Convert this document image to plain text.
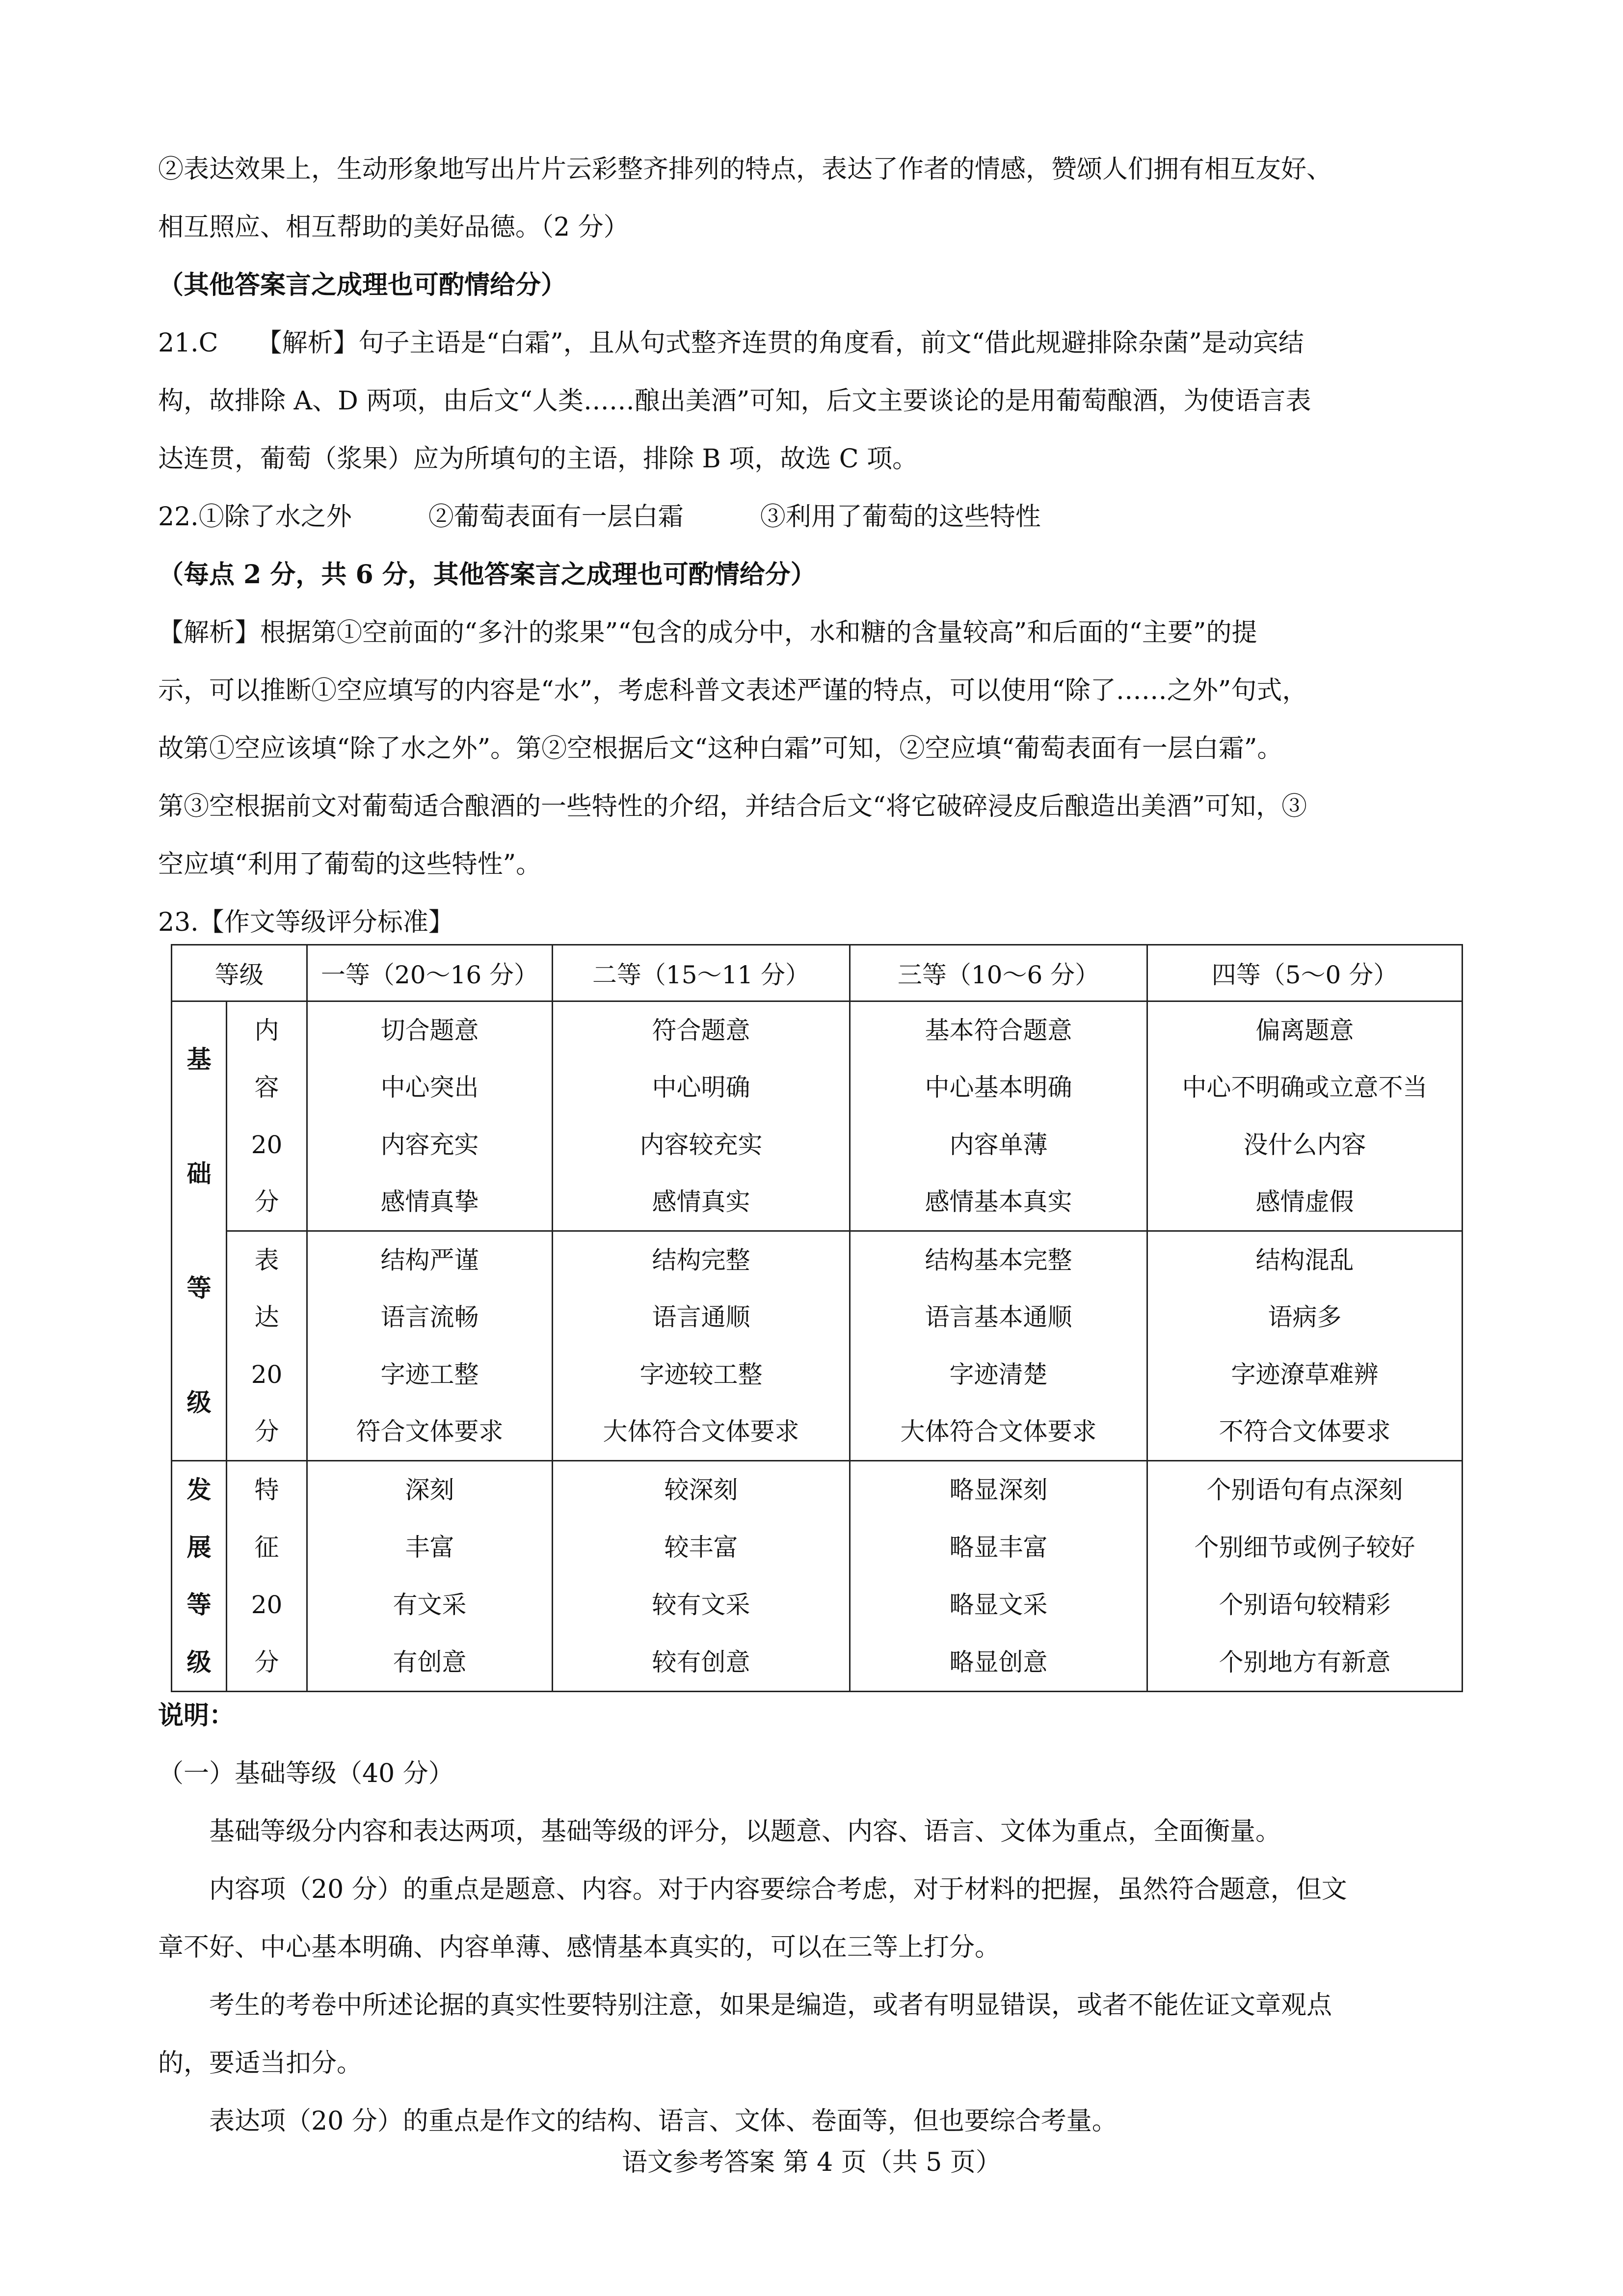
②表达效果上，生动形象地写出片片云彩整齐排列的特点，表达了作者的情感，赞颂人们拥有相互友好、

相互照应、相互帮助的美好品德。（2 分）

（其他答案言之成理也可酌情给分）

21.C　　【解析】句子主语是“白霜”，且从句式整齐连贯的角度看，前文“借此规避排除杂菌”是动宾结

构，故排除 A、D 两项，由后文“人类……酿出美酒”可知，后文主要谈论的是用葡萄酿酒，为使语言表

达连贯，葡萄（浆果）应为所填句的主语，排除 B 项，故选 C 项。

22.①除了水之外　　　②葡萄表面有一层白霜　　　③利用了葡萄的这些特性

（每点 2 分，共 6 分，其他答案言之成理也可酌情给分）

【解析】根据第①空前面的“多汁的浆果”“包含的成分中，水和糖的含量较高”和后面的“主要”的提

示，可以推断①空应填写的内容是“水”，考虑科普文表述严谨的特点，可以使用“除了……之外”句式，

故第①空应该填“除了水之外”。第②空根据后文“这种白霜”可知，②空应填“葡萄表面有一层白霜”。

第③空根据前文对葡萄适合酿酒的一些特性的介绍，并结合后文“将它破碎浸皮后酿造出美酒”可知，③

空应填“利用了葡萄的这些特性”。

23.【作文等级评分标准】

等级		一等（20～16 分）	二等（15～11 分）	三等（10～6 分）	四等（5～0 分）

基
础
等
级	内
容
20
分	切合题意
中心突出
内容充实
感情真挚	符合题意
中心明确
内容较充实
感情真实	基本符合题意
中心基本明确
内容单薄
感情基本真实	偏离题意
中心不明确或立意不当
没什么内容
感情虚假

	表
达
20
分	结构严谨
语言流畅
字迹工整
符合文体要求	结构完整
语言通顺
字迹较工整
大体符合文体要求	结构基本完整
语言基本通顺
字迹清楚
大体符合文体要求	结构混乱
语病多
字迹潦草难辨
不符合文体要求

发
展
等
级	特
征
20
分	深刻
丰富
有文采
有创意	较深刻
较丰富
较有文采
较有创意	略显深刻
略显丰富
略显文采
略显创意	个别语句有点深刻
个别细节或例子较好
个别语句较精彩
个别地方有新意

说明：

（一）基础等级（40 分）

基础等级分内容和表达两项，基础等级的评分，以题意、内容、语言、文体为重点，全面衡量。

内容项（20 分）的重点是题意、内容。对于内容要综合考虑，对于材料的把握，虽然符合题意，但文

章不好、中心基本明确、内容单薄、感情基本真实的，可以在三等上打分。

考生的考卷中所述论据的真实性要特别注意，如果是编造，或者有明显错误，或者不能佐证文章观点

的，要适当扣分。

表达项（20 分）的重点是作文的结构、语言、文体、卷面等，但也要综合考量。

语文参考答案 第 4 页（共 5 页）
